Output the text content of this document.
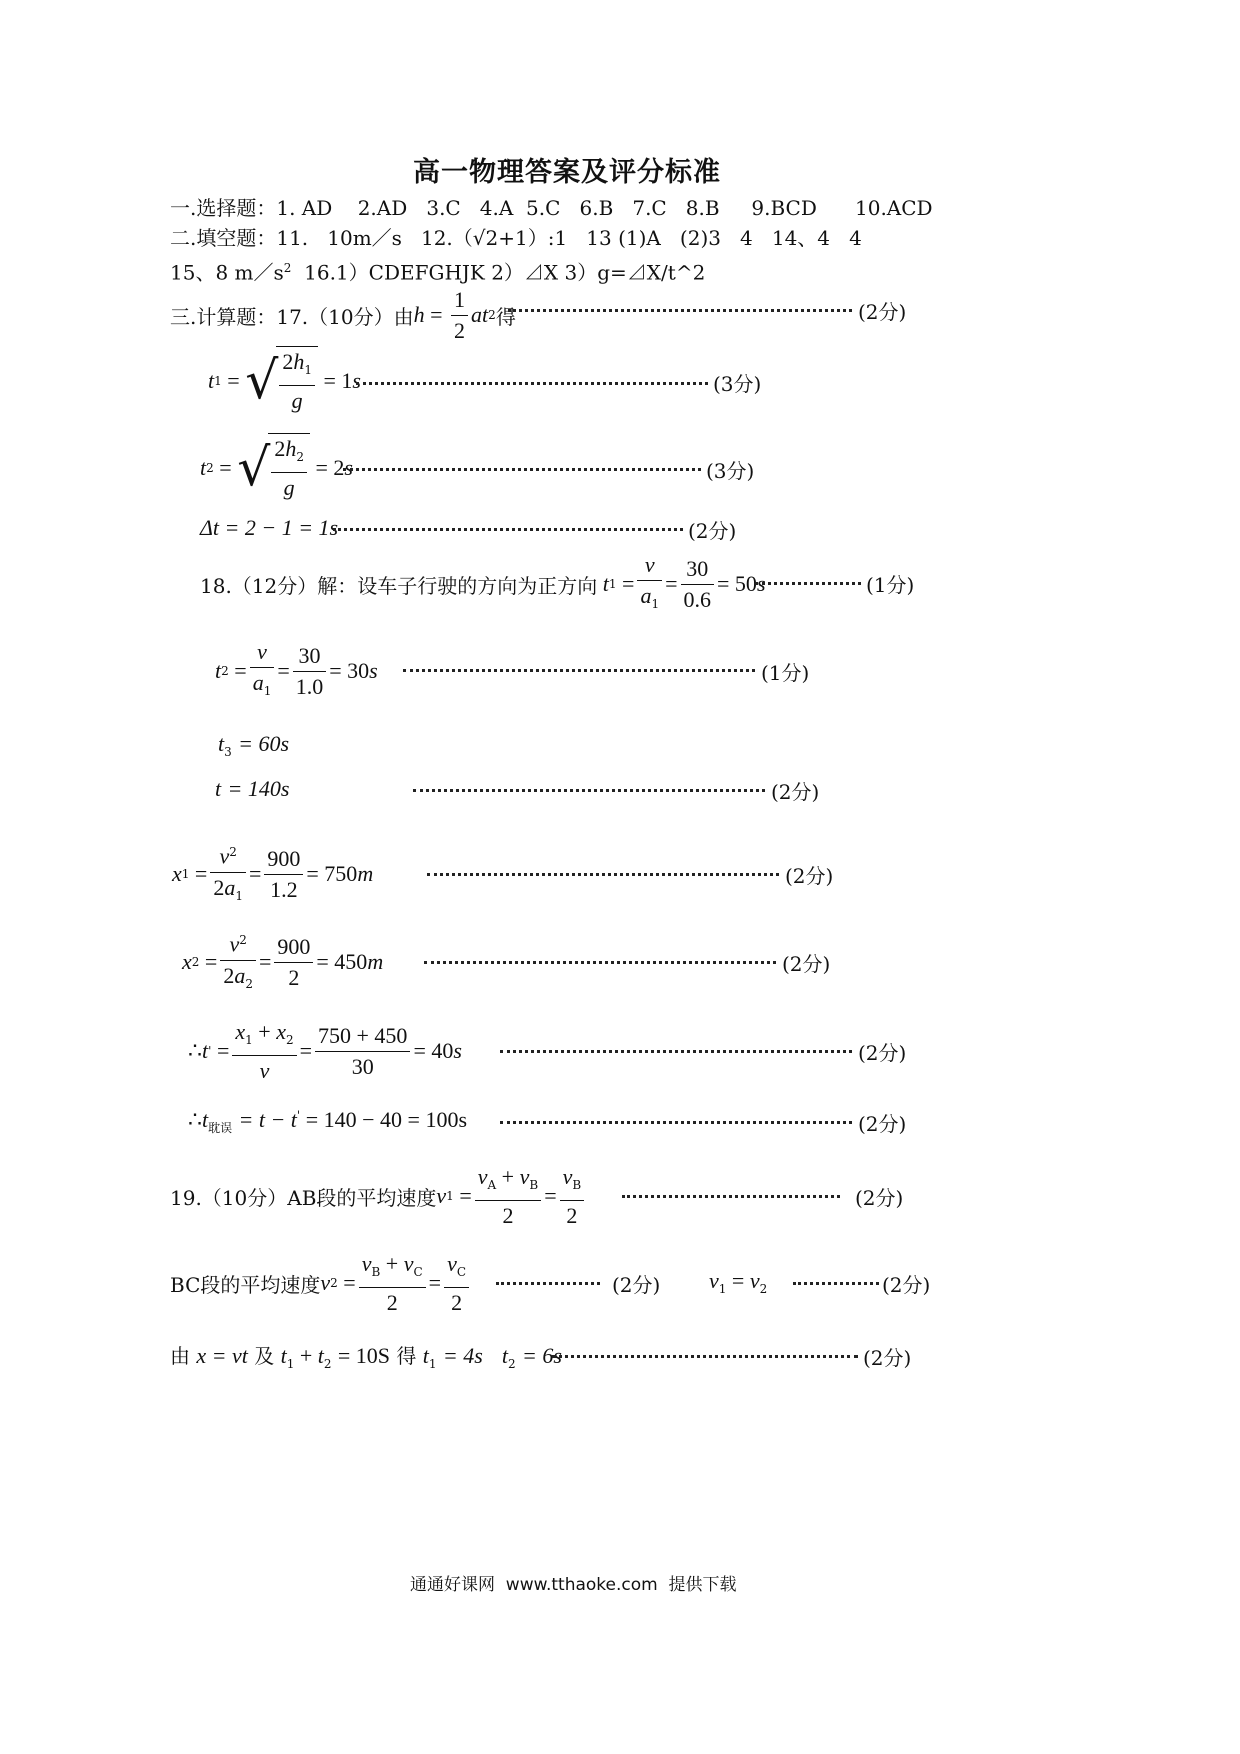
高一物理答案及评分标准
一.选择题：1. AD    2.AD   3.C   4.A  5.C   6.B   7.C   8.B     9.BCD      10.ACD
二.填空题：11.   10m／s   12.（√2+1）:1   13 (1)A   (2)3   4   14、4   4
15、8 $m/s^2$  16.1）CDEFGHJK 2）⊿X 3）g=⊿X/t^2
三.计算题：17.（10分）由 $h = \frac{1}{2}$ at 2 得	(2分)
t 1 = √ $\frac{2h_1}{g} = 1s$	(3分)
t 2 = √ $\frac{2h_2}{g} = 2s$	(3分)
Δt = 2 − 1 = 1s	(2分)
18.（12分）解：设车子行驶的方向为正方向 t $1 = \frac{v}{a_1} = \frac{30}{0.6} = 50s$	(1分)
t $2 = \frac{v}{a_1} = \frac{30}{1.0} = 30s$	(1分)
$t_3 = 60s$
t = 140s	(2分)
x $1 = \frac{v^2}{2a_1} = \frac{900}{1.2} = 750m$	(2分)
x $2 = \frac{v^2}{2a_2} = \frac{900}{2} = 450m$	(2分)
∴ t ' = $\frac{x_1 + x_2}{v} = \frac{750 + 450}{30} = 40s$	(2分)
$\therefore t_{耽误} = t - t' = 140 - 40 = 100s$	(2分)
19.（10分）AB段的平均速度 v $1 = \frac{v_A + v_B}{2} = \frac{v_B}{2}$	(2分)
BC段的平均速度 v $2 = \frac{v_B + v_C}{2} = \frac{v_C}{2}$	(2分) $v_1 = v_2$	(2分)
由 x = vt 及 $t_1 + t_2 = 10S$ 得 $t_1 = 4s$ $t_2 = 6s$	(2分)
通通好课网  www.tthaoke.com  提供下载
